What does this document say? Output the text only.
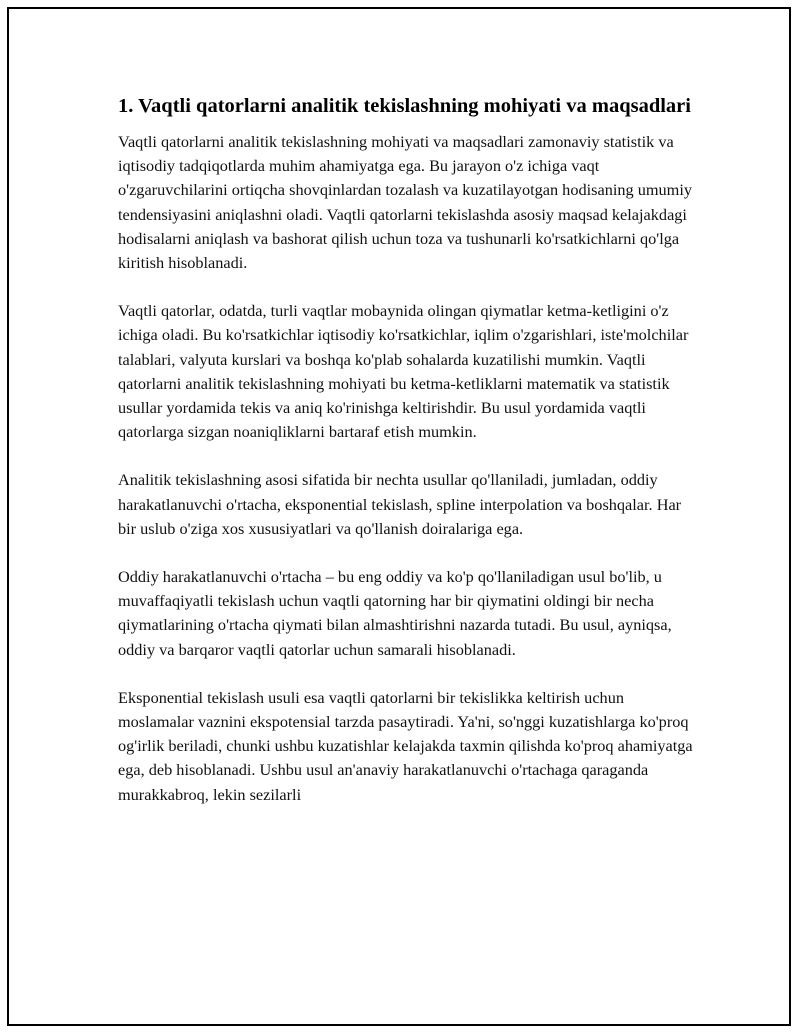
1. Vaqtli qatorlarni analitik tekislashning mohiyati va maqsadlari

Vaqtli qatorlarni analitik tekislashning mohiyati va maqsadlari zamonaviy statistik va iqtisodiy tadqiqotlarda muhim ahamiyatga ega. Bu jarayon o'z ichiga vaqt o'zgaruvchilarini ortiqcha shovqinlardan tozalash va kuzatilayotgan hodisaning umumiy tendensiyasini aniqlashni oladi. Vaqtli qatorlarni tekislashda asosiy maqsad kelajakdagi hodisalarni aniqlash va bashorat qilish uchun toza va tushunarli ko'rsatkichlarni qo'lga kiritish hisoblanadi.

Vaqtli qatorlar, odatda, turli vaqtlar mobaynida olingan qiymatlar ketma-ketligini o'z ichiga oladi. Bu ko'rsatkichlar iqtisodiy ko'rsatkichlar, iqlim o'zgarishlari, iste'molchilar talablari, valyuta kurslari va boshqa ko'plab sohalarda kuzatilishi mumkin. Vaqtli qatorlarni analitik tekislashning mohiyati bu ketma-ketliklarni matematik va statistik usullar yordamida tekis va aniq ko'rinishga keltirishdir. Bu usul yordamida vaqtli qatorlarga sizgan noaniqliklarni bartaraf etish mumkin.

Analitik tekislashning asosi sifatida bir nechta usullar qo'llaniladi, jumladan, oddiy harakatlanuvchi o'rtacha, eksponential tekislash, spline interpolation va boshqalar. Har bir uslub o'ziga xos xususiyatlari va qo'llanish doiralariga ega.

Oddiy harakatlanuvchi o'rtacha – bu eng oddiy va ko'p qo'llaniladigan usul bo'lib, u muvaffaqiyatli tekislash uchun vaqtli qatorning har bir qiymatini oldingi bir necha qiymatlarining o'rtacha qiymati bilan almashtirishni nazarda tutadi. Bu usul, ayniqsa, oddiy va barqaror vaqtli qatorlar uchun samarali hisoblanadi.

Eksponential tekislash usuli esa vaqtli qatorlarni bir tekislikka keltirish uchun moslamalar vaznini ekspotensial tarzda pasaytiradi. Ya'ni, so'nggi kuzatishlarga ko'proq og'irlik beriladi, chunki ushbu kuzatishlar kelajakda taxmin qilishda ko'proq ahamiyatga ega, deb hisoblanadi. Ushbu usul an'anaviy harakatlanuvchi o'rtachaga qaraganda murakkabroq, lekin sezilarli
